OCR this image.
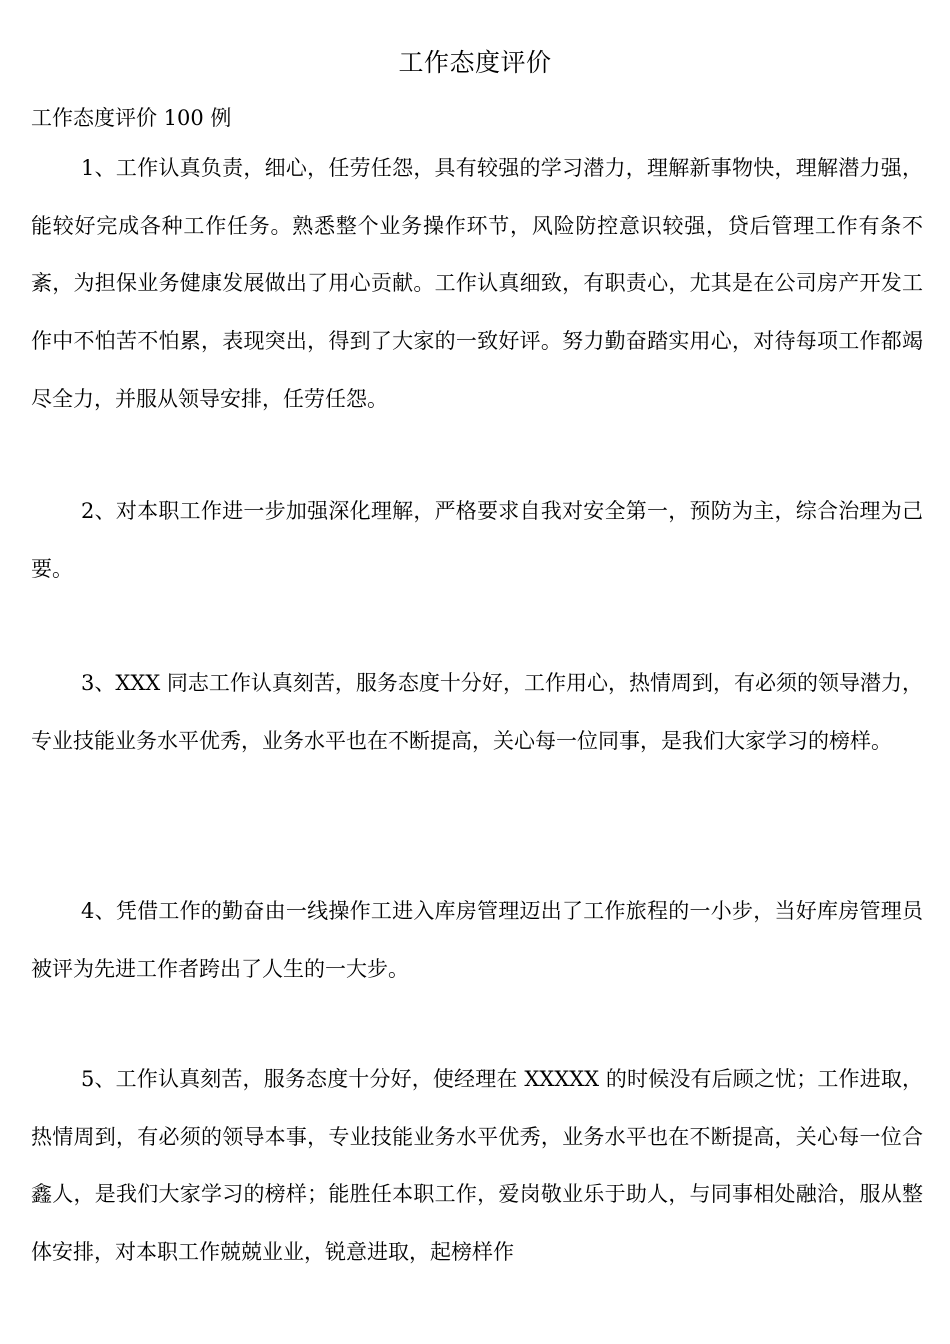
工作态度评价
工作态度评价 100 例

1、工作认真负责，细心，任劳任怨，具有较强的学习潜力，理解新事物快，理解潜力强，能较好完成各种工作任务。熟悉整个业务操作环节，风险防控意识较强，贷后管理工作有条不紊，为担保业务健康发展做出了用心贡献。工作认真细致，有职责心，尤其是在公司房产开发工作中不怕苦不怕累，表现突出，得到了大家的一致好评。努力勤奋踏实用心，对待每项工作都竭尽全力，并服从领导安排，任劳任怨。

2、对本职工作进一步加强深化理解，严格要求自我对安全第一，预防为主，综合治理为己要。

3、XXX 同志工作认真刻苦，服务态度十分好，工作用心，热情周到，有必须的领导潜力，专业技能业务水平优秀，业务水平也在不断提高，关心每一位同事，是我们大家学习的榜样。

4、凭借工作的勤奋由一线操作工进入库房管理迈出了工作旅程的一小步，当好库房管理员被评为先进工作者跨出了人生的一大步。

5、工作认真刻苦，服务态度十分好，使经理在 XXXXX 的时候没有后顾之忧；工作进取，热情周到，有必须的领导本事，专业技能业务水平优秀，业务水平也在不断提高，关心每一位合鑫人，是我们大家学习的榜样；能胜任本职工作，爱岗敬业乐于助人，与同事相处融洽，服从整体安排，对本职工作兢兢业业，锐意进取，起榜样作
